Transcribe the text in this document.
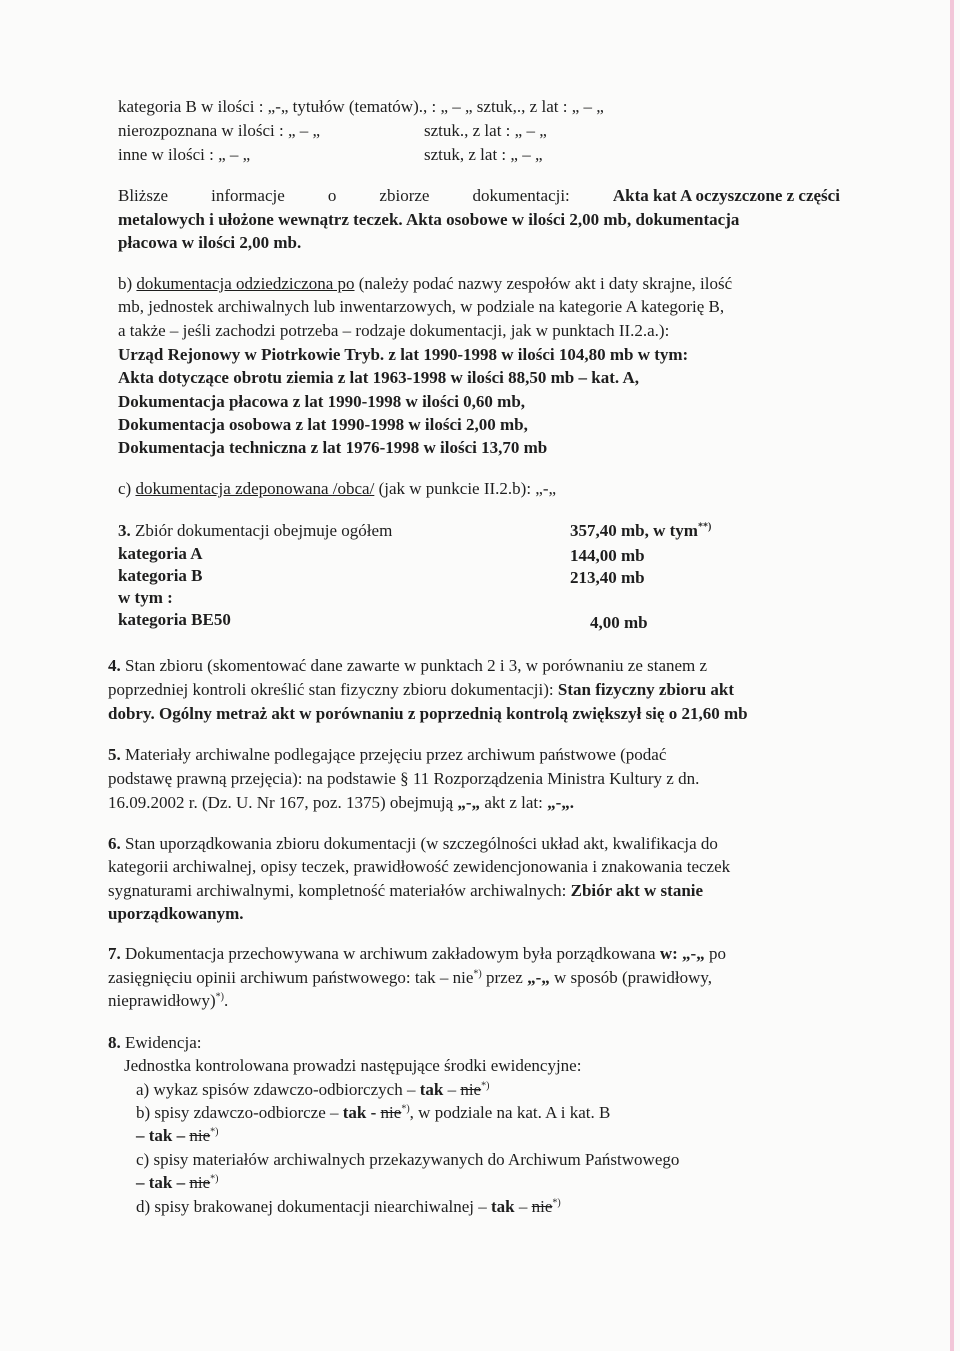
kategoria B w ilości : „-„ tytułów (tematów)., : „ – „ sztuk,., z lat : „ – „
nierozpoznana w ilości : „ – „	sztuk., z lat : „ – „
inne w ilości : „ – „	sztuk, z lat : „ – „
Bliższe	informacje	o	zbiorze	dokumentacji:	Akta kat A oczyszczone z części
metalowych i ułożone wewnątrz teczek. Akta osobowe w ilości 2,00 mb, dokumentacja
płacowa w ilości 2,00 mb.
b) dokumentacja odziedziczona po (należy podać nazwy zespołów akt i daty skrajne, ilość
mb, jednostek archiwalnych lub inwentarzowych, w podziale na kategorie A kategorię B,
a także – jeśli zachodzi potrzeba – rodzaje dokumentacji, jak w punktach II.2.a.):
Urząd Rejonowy w Piotrkowie Tryb. z lat 1990-1998 w ilości 104,80 mb w tym:
Akta dotyczące obrotu ziemia z lat 1963-1998 w ilości 88,50 mb – kat. A,
Dokumentacja płacowa z lat 1990-1998 w ilości 0,60 mb,
Dokumentacja osobowa z lat 1990-1998 w ilości 2,00 mb,
Dokumentacja techniczna z lat 1976-1998 w ilości 13,70 mb
c) dokumentacja zdeponowana /obca/ (jak w punkcie II.2.b): „-„
3. Zbiór dokumentacji obejmuje ogółem	357,40 mb, w tym**)
kategoria A	144,00 mb
kategoria B	213,40 mb
w tym :
kategoria BE50	4,00 mb
4. Stan zbioru (skomentować dane zawarte w punktach 2 i 3, w porównaniu ze stanem z
poprzedniej kontroli określić stan fizyczny zbioru dokumentacji): Stan fizyczny zbioru akt
dobry. Ogólny metraż akt w porównaniu z poprzednią kontrolą zwiększył się o 21,60 mb
5. Materiały archiwalne podlegające przejęciu przez archiwum państwowe (podać
podstawę prawną przejęcia): na podstawie § 11 Rozporządzenia Ministra Kultury z dn.
16.09.2002 r. (Dz. U. Nr 167, poz. 1375) obejmują „-„ akt z lat: „-„.
6. Stan uporządkowania zbioru dokumentacji (w szczególności układ akt, kwalifikacja do
kategorii archiwalnej, opisy teczek, prawidłowość zewidencjonowania i znakowania teczek
sygnaturami archiwalnymi, kompletność materiałów archiwalnych: Zbiór akt w stanie
uporządkowanym.
7. Dokumentacja przechowywana w archiwum zakładowym była porządkowana w: „-„ po
zasięgnięciu opinii archiwum państwowego: tak – nie*) przez „-„ w sposób (prawidłowy,
nieprawidłowy)*).
8. Ewidencja:
Jednostka kontrolowana prowadzi następujące środki ewidencyjne:
a) wykaz spisów zdawczo-odbiorczych – tak – nie*)
b) spisy zdawczo-odbiorcze – tak - nie*), w podziale na kat. A i kat. B
– tak – nie*)
c) spisy materiałów archiwalnych przekazywanych do Archiwum Państwowego
– tak – nie*)
d) spisy brakowanej dokumentacji niearchiwalnej – tak – nie*)
